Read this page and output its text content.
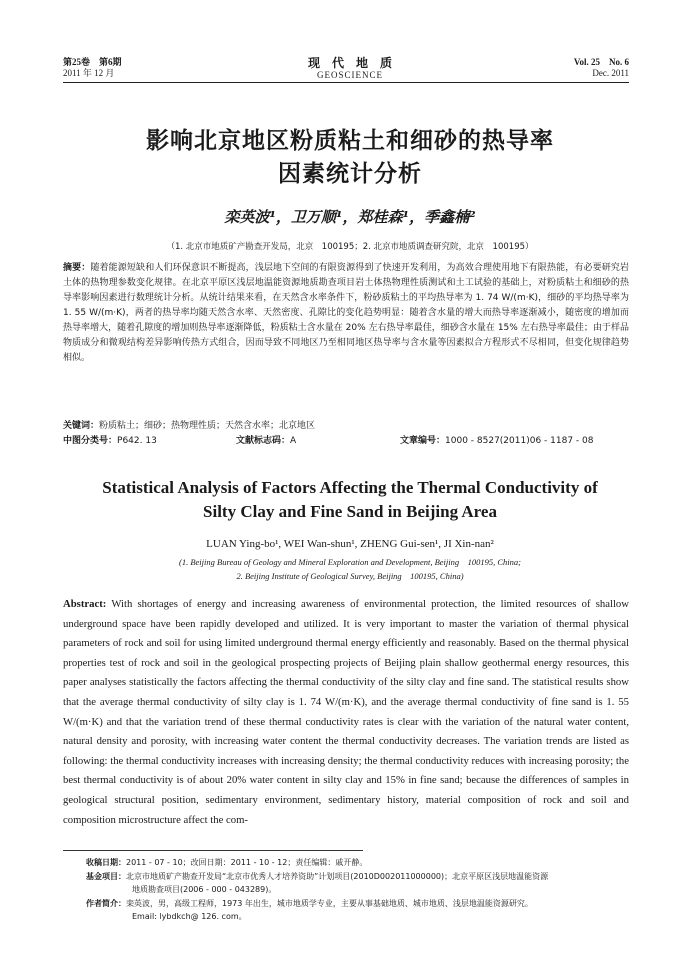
第25卷　第6期
2011 年 12 月
现　代　地　质
GEOSCIENCE
Vol. 25　No. 6
Dec. 2011
影响北京地区粉质粘土和细砂的热导率
因素统计分析
栾英波¹，卫万顺¹，郑桂森¹，季鑫楠²
（1. 北京市地质矿产勘查开发局，北京　100195；2. 北京市地质调查研究院，北京　100195）
摘要：随着能源短缺和人们环保意识不断提高，浅层地下空间的有限资源得到了快速开发利用，为高效合理使用地下有限热能，有必要研究岩土体的热物理参数变化规律。在北京平原区浅层地温能资源地质勘查项目岩土体热物理性质测试和土工试验的基础上，对粉质粘土和细砂的热导率影响因素进行数理统计分析。从统计结果来看，在天然含水率条件下，粉砂质粘土的平均热导率为 1. 74 W/(m·K)，细砂的平均热导率为 1. 55 W/(m·K)，两者的热导率均随天然含水率、天然密度、孔隙比的变化趋势明显：随着含水量的增大而热导率逐渐减小，随密度的增加而热导率增大，随着孔隙度的增加则热导率逐渐降低，粉质粘土含水量在 20% 左右热导率最佳，细砂含水量在 15% 左右热导率最佳；由于样品物质成分和微观结构差异影响传热方式组合，因而导致不同地区乃至相同地区热导率与含水量等因素拟合方程形式不尽相同，但变化规律趋势相似。
关键词：粉质粘土；细砂；热物理性质；天然含水率；北京地区
中图分类号：P642. 13	文献标志码：A	文章编号：1000 - 8527(2011)06 - 1187 - 08
Statistical Analysis of Factors Affecting the Thermal Conductivity of
Silty Clay and Fine Sand in Beijing Area
LUAN Ying-bo¹, WEI Wan-shun¹, ZHENG Gui-sen¹, JI Xin-nan²
(1. Beijing Bureau of Geology and Mineral Exploration and Development, Beijing　100195, China;
2. Beijing Institute of Geological Survey, Beijing　100195, China)
Abstract: With shortages of energy and increasing awareness of environmental protection, the limited resources of shallow underground space have been rapidly developed and utilized. It is very important to master the variation of thermal physical parameters of rock and soil for using limited underground thermal energy efficiently and reasonably. Based on the thermal physical properties test of rock and soil in the geological prospecting projects of Beijing plain shallow geothermal energy resources, this paper analyses statistically the factors affecting the thermal conductivity of the silty clay and fine sand. The statistical results show that the average thermal conductivity of silty clay is 1. 74 W/(m·K), and the average thermal conductivity of fine sand is 1. 55 W/(m·K) and that the variation trend of these thermal conductivity rates is clear with the variation of the natural water content, natural density and porosity, with increasing water content the thermal conductivity decreases. The variation trends are listed as following: the thermal conductivity increases with increasing density; the thermal conductivity reduces with increasing porosity; the best thermal conductivity is of about 20% water content in silty clay and 15% in fine sand; because the differences of samples in geological structural position, sedimentary environment, sedimentary history, material composition of rock and soil and composition microstructure affect the com-
收稿日期：2011 - 07 - 10；改回日期：2011 - 10 - 12；责任编辑：戚开静。
基金项目：北京市地质矿产勘查开发局“北京市优秀人才培养资助”计划项目(2010D002011000000)；北京平原区浅层地温能资源
地质勘查项目(2006 - 000 - 043289)。
作者简介：栾英波，男，高级工程师，1973 年出生，城市地质学专业，主要从事基础地质、城市地质、浅层地温能资源研究。
Email: lybdkch@ 126. com。
